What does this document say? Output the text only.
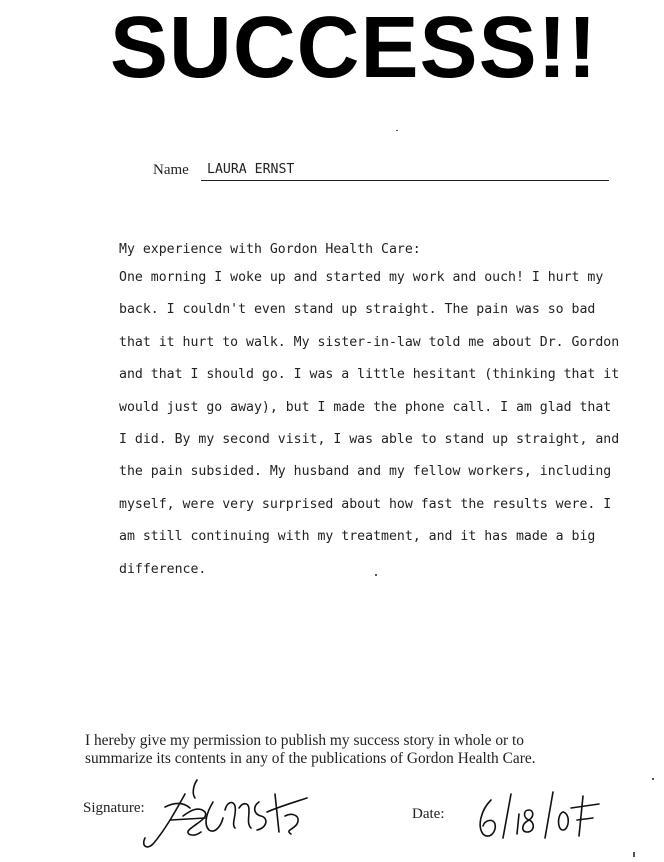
SUCCESS!!
Name LAURA ERNST
My experience with Gordon Health Care:
One morning I woke up and started my work and ouch! I hurt my
back. I couldn't even stand up straight. The pain was so bad
that it hurt to walk. My sister-in-law told me about Dr. Gordon
and that I should go. I was a little hesitant (thinking that it
would just go away), but I made the phone call. I am glad that
I did. By my second visit, I was able to stand up straight, and
the pain subsided. My husband and my fellow workers, including
myself, were very surprised about how fast the results were. I
am still continuing with my treatment, and it has made a big
difference.
I hereby give my permission to publish my success story in whole or to
summarize its contents in any of the publications of Gordon Health Care.
Signature:	Date:
